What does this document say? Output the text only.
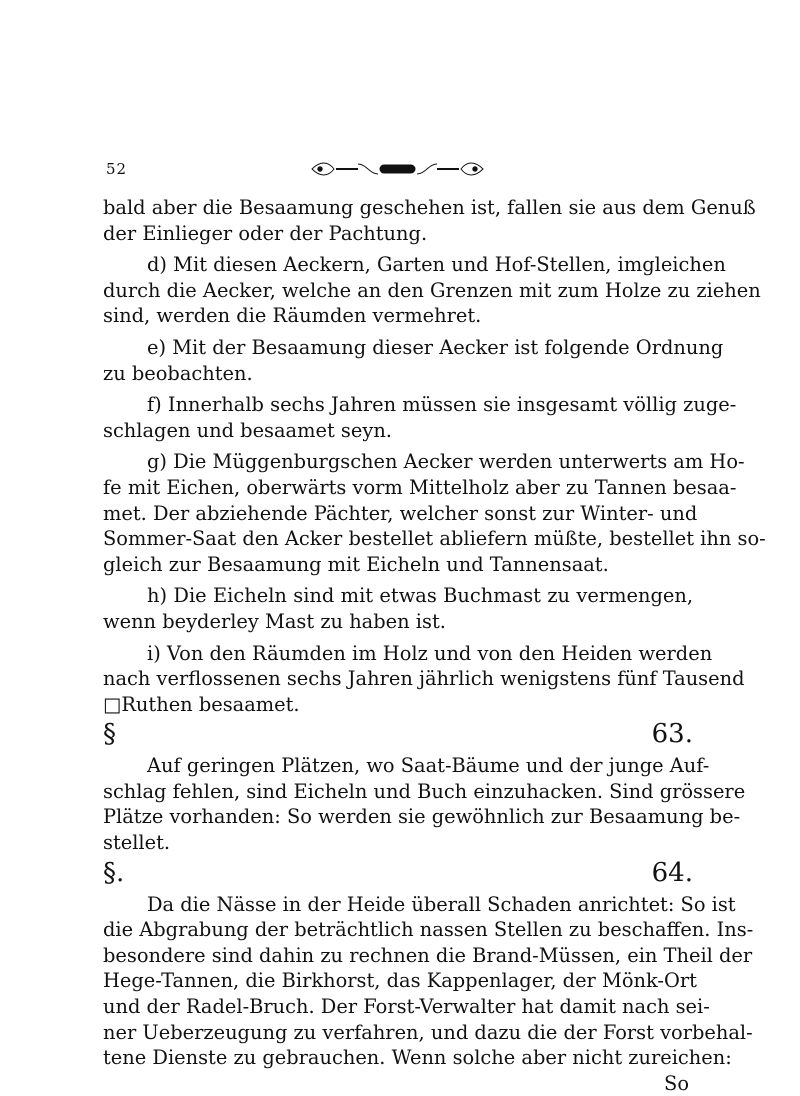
52
bald aber die Besaamung geschehen ist, fallen sie aus dem Genuß
der Einlieger oder der Pachtung.
d) Mit diesen Aeckern, Garten und Hof-Stellen, imgleichen
durch die Aecker, welche an den Grenzen mit zum Holze zu ziehen
sind, werden die Räumden vermehret.
e) Mit der Besaamung dieser Aecker ist folgende Ordnung
zu beobachten.
f) Innerhalb sechs Jahren müssen sie insgesamt völlig zuge-
schlagen und besaamet seyn.
g) Die Müggenburgschen Aecker werden unterwerts am Ho-
fe mit Eichen, oberwärts vorm Mittelholz aber zu Tannen besaa-
met. Der abziehende Pächter, welcher sonst zur Winter- und
Sommer-Saat den Acker bestellet abliefern müßte, bestellet ihn so-
gleich zur Besaamung mit Eicheln und Tannensaat.
h) Die Eicheln sind mit etwas Buchmast zu vermengen,
wenn beyderley Mast zu haben ist.
i) Von den Räumden im Holz und von den Heiden werden
nach verflossenen sechs Jahren jährlich wenigstens fünf Tausend
□Ruthen besaamet.
§ 63.
Auf geringen Plätzen, wo Saat-Bäume und der junge Auf-
schlag fehlen, sind Eicheln und Buch einzuhacken. Sind grössere
Plätze vorhanden: So werden sie gewöhnlich zur Besaamung be-
stellet.
§. 64.
Da die Nässe in der Heide überall Schaden anrichtet: So ist
die Abgrabung der beträchtlich nassen Stellen zu beschaffen. Ins-
besondere sind dahin zu rechnen die Brand-Müssen, ein Theil der
Hege-Tannen, die Birkhorst, das Kappenlager, der Mönk-Ort
und der Radel-Bruch. Der Forst-Verwalter hat damit nach sei-
ner Ueberzeugung zu verfahren, und dazu die der Forst vorbehal-
tene Dienste zu gebrauchen. Wenn solche aber nicht zureichen:
So
